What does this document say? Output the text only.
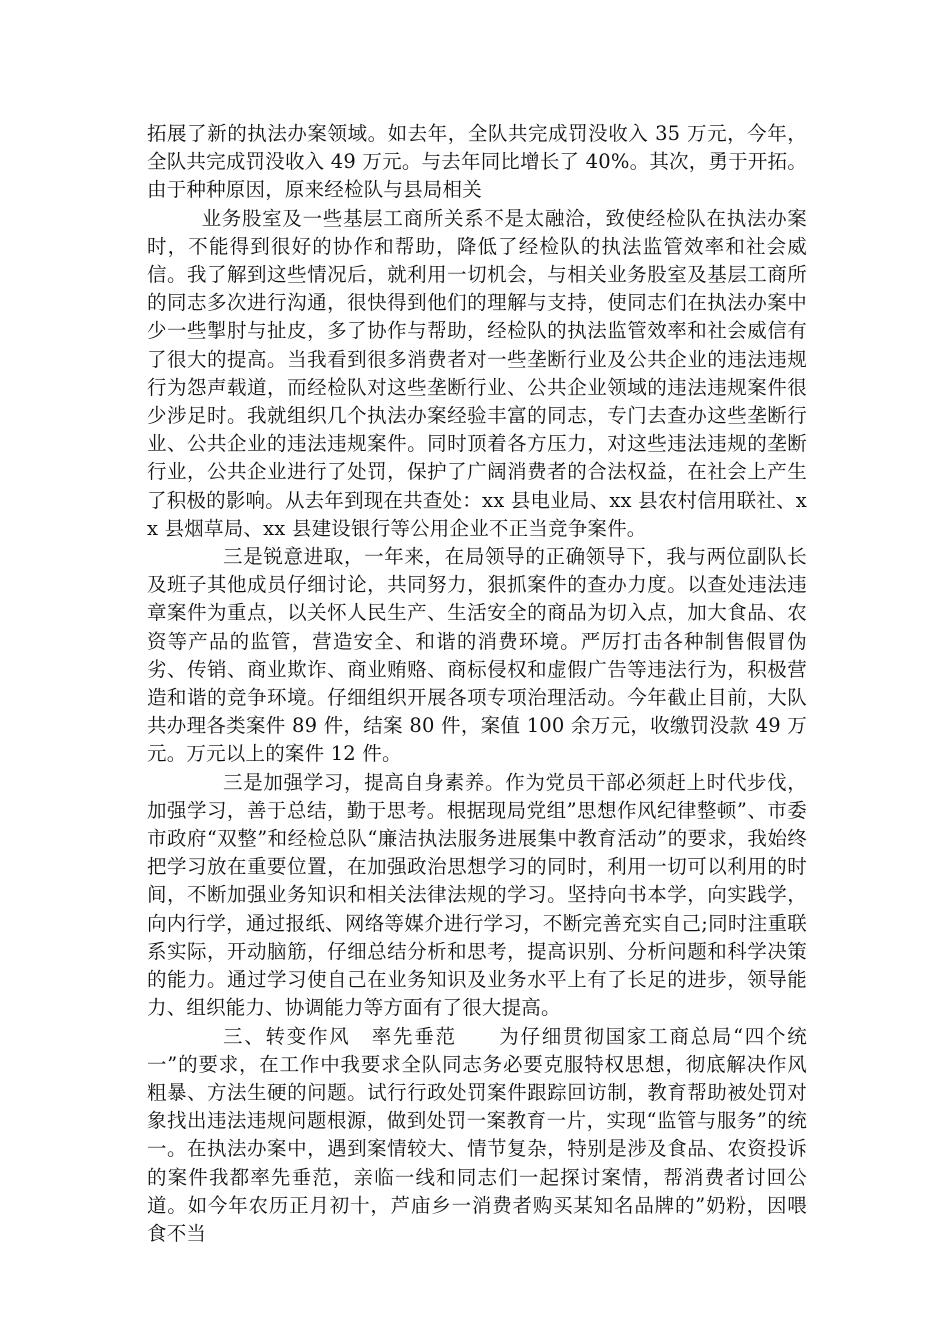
拓展了新的执法办案领域。如去年，全队共完成罚没收入 35 万元，今年，全队共完成罚没收入 49 万元。与去年同比增长了 40%。其次，勇于开拓。由于种种原因，原来经检队与县局相关

业务股室及一些基层工商所关系不是太融洽，致使经检队在执法办案时，不能得到很好的协作和帮助，降低了经检队的执法监管效率和社会威信。我了解到这些情况后，就利用一切机会，与相关业务股室及基层工商所的同志多次进行沟通，很快得到他们的理解与支持，使同志们在执法办案中少一些掣肘与扯皮，多了协作与帮助，经检队的执法监管效率和社会威信有了很大的提高。当我看到很多消费者对一些垄断行业及公共企业的违法违规行为怨声载道，而经检队对这些垄断行业、公共企业领域的违法违规案件很少涉足时。我就组织几个执法办案经验丰富的同志，专门去查办这些垄断行业、公共企业的违法违规案件。同时顶着各方压力，对这些违法违规的垄断行业，公共企业进行了处罚，保护了广阔消费者的合法权益，在社会上产生了积极的影响。从去年到现在共查处：xx 县电业局、xx 县农村信用联社、xx 县烟草局、xx 县建设银行等公用企业不正当竞争案件。

三是锐意进取，一年来，在局领导的正确领导下，我与两位副队长及班子其他成员仔细讨论，共同努力，狠抓案件的查办力度。以查处违法违章案件为重点，以关怀人民生产、生活安全的商品为切入点，加大食品、农资等产品的监管，营造安全、和谐的消费环境。严厉打击各种制售假冒伪劣、传销、商业欺诈、商业贿赂、商标侵权和虚假广告等违法行为，积极营造和谐的竞争环境。仔细组织开展各项专项治理活动。今年截止目前，大队共办理各类案件 89 件，结案 80 件，案值 100 余万元，收缴罚没款 49 万元。万元以上的案件 12 件。

三是加强学习，提高自身素养。作为党员干部必须赶上时代步伐，加强学习，善于总结，勤于思考。根据现局党组”思想作风纪律整顿”、市委市政府“双整”和经检总队“廉洁执法服务进展集中教育活动”的要求，我始终把学习放在重要位置，在加强政治思想学习的同时，利用一切可以利用的时间，不断加强业务知识和相关法律法规的学习。坚持向书本学，向实践学，向内行学，通过报纸、网络等媒介进行学习，不断完善充实自己;同时注重联系实际，开动脑筋，仔细总结分析和思考，提高识别、分析问题和科学决策的能力。通过学习使自己在业务知识及业务水平上有了长足的进步，领导能力、组织能力、协调能力等方面有了很大提高。

三、转变作风　率先垂范　　为仔细贯彻国家工商总局“四个统一”的要求，在工作中我要求全队同志务必要克服特权思想，彻底解决作风粗暴、方法生硬的问题。试行行政处罚案件跟踪回访制，教育帮助被处罚对象找出违法违规问题根源，做到处罚一案教育一片，实现“监管与服务”的统一。在执法办案中，遇到案情较大、情节复杂，特别是涉及食品、农资投诉的案件我都率先垂范，亲临一线和同志们一起探讨案情，帮消费者讨回公道。如今年农历正月初十，芦庙乡一消费者购买某知名品牌的”奶粉，因喂食不当
